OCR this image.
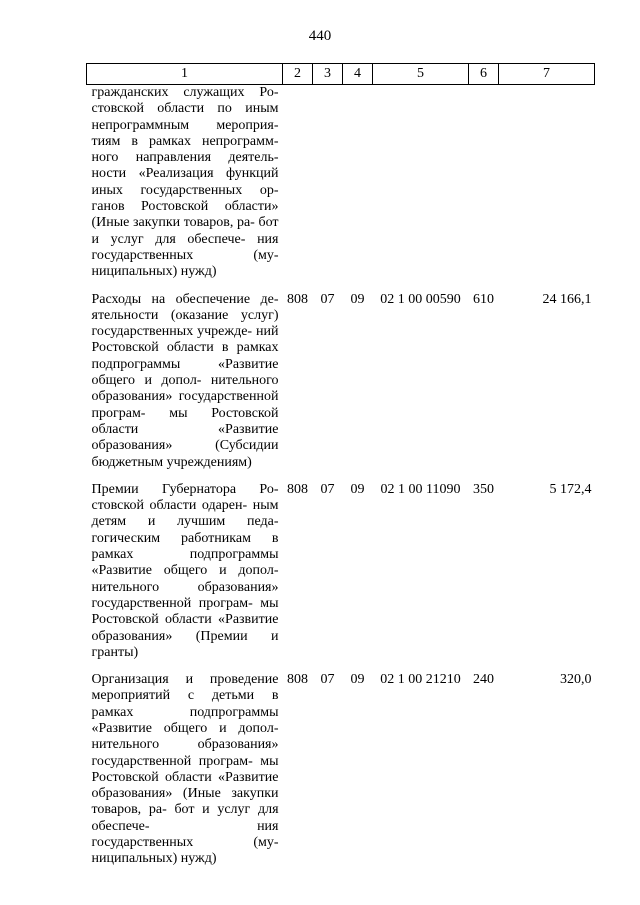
440
1	2	3	4	5	6	7
гражданских служащих Ро- стовской области по иным непрограммным мероприя- тиям в рамках непрограмм- ного направления деятель- ности «Реализация функций иных государственных ор- ганов Ростовской области» (Иные закупки товаров, ра- бот и услуг для обеспече- ния государственных (му- ниципальных) нужд)						
Расходы на обеспечение де- ятельности (оказание услуг) государственных учрежде- ний Ростовской области в рамках подпрограммы «Развитие общего и допол- нительного образования» государственной програм- мы Ростовской области «Развитие образования» (Субсидии бюджетным учреждениям)	808	07	09	02 1 00 00590	610	24 166,1
Премии Губернатора Ро- стовской области одарен- ным детям и лучшим педа- гогическим работникам в рамках подпрограммы «Развитие общего и допол- нительного образования» государственной програм- мы Ростовской области «Развитие образования» (Премии и гранты)	808	07	09	02 1 00 11090	350	5 172,4
Организация и проведение мероприятий с детьми в рамках подпрограммы «Развитие общего и допол- нительного образования» государственной програм- мы Ростовской области «Развитие образования» (Иные закупки товаров, ра- бот и услуг для обеспече- ния государственных (му- ниципальных) нужд)	808	07	09	02 1 00 21210	240	320,0
